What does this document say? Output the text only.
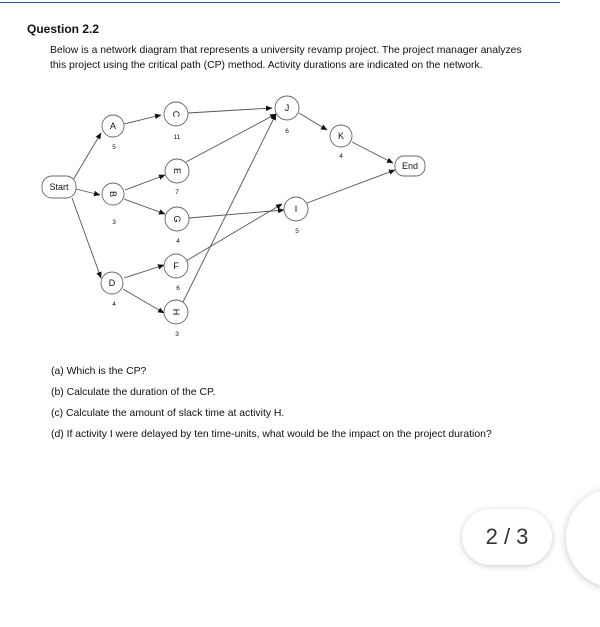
Question 2.2
Below is a network diagram that represents a university revamp project. The project manager analyzes
this project using the critical path (CP) method. Activity durations are indicated on the network.
Start
End
A
5
B
3
C
11
D
4
E
7
F
6
G
4
H
3
I
5
J
6	K
4
(a) Which is the CP?
(b) Calculate the duration of the CP.
(c) Calculate the amount of slack time at activity H.
(d) If activity I were delayed by ten time-units, what would be the impact on the project duration?
2 / 3
